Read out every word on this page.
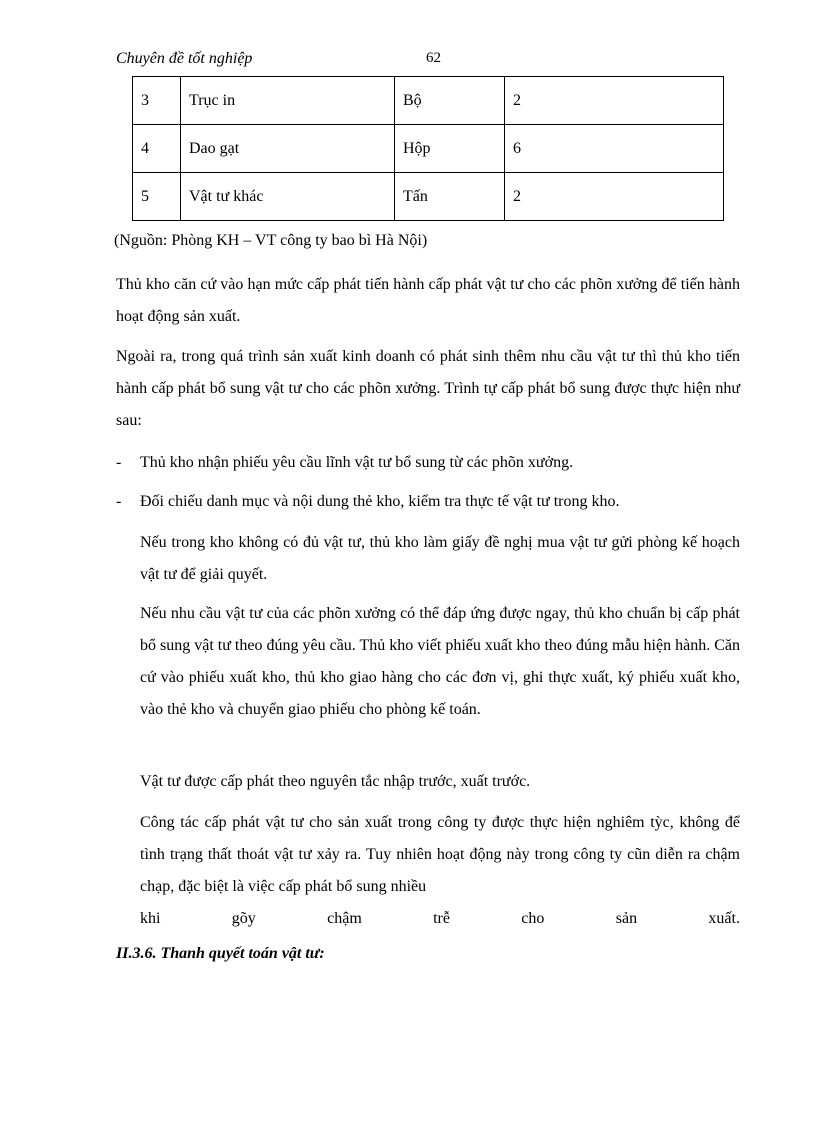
Chuyên đề tốt nghiệp	62
3	Trục in	Bộ	2
4	Dao gạt	Hộp	6
5	Vật tư khác	Tấn	2
(Nguồn: Phòng KH – VT công ty bao bì Hà Nội)
Thủ kho căn cứ vào hạn mức cấp phát tiến hành cấp phát vật tư cho các phõn xưởng để tiến hành hoạt động sản xuất.
Ngoài ra, trong quá trình sản xuất kinh doanh có phát sinh thêm nhu cầu vật tư thì thủ kho tiến hành cấp phát bổ sung vật tư cho các phõn xưởng. Trình tự cấp phát bổ sung được thực hiện như sau:
- Thủ kho nhận phiếu yêu cầu lĩnh vật tư bổ sung từ các phõn xưởng.
- Đối chiếu danh mục và nội dung thẻ kho, kiểm tra thực tế vật tư trong kho.
Nếu trong kho không có đủ vật tư, thủ kho làm giấy đề nghị mua vật tư gửi phòng kế hoạch vật tư để giải quyết.
Nếu nhu cầu vật tư của các phõn xưởng có thể đáp ứng được ngay, thủ kho chuẩn bị cấp phát bổ sung vật tư theo đúng yêu cầu. Thủ kho viết phiếu xuất kho theo đúng mẫu hiện hành. Căn cứ vào phiếu xuất kho, thủ kho giao hàng cho các đơn vị, ghi thực xuất, ký phiếu xuất kho, vào thẻ kho và chuyển giao phiếu cho phòng kế toán.
Vật tư được cấp phát theo nguyên tắc nhập trước, xuất trước.
Công tác cấp phát vật tư cho sản xuất trong công ty được thực hiện nghiêm tỳc, không để tình trạng thất thoát vật tư xảy ra. Tuy nhiên hoạt động này trong công ty cũn diễn ra chậm chạp, đặc biệt là việc cấp phát bổ sung nhiều
khi	gõy	chậm	trễ	cho	sản	xuất.
II.3.6. Thanh quyết toán vật tư:
